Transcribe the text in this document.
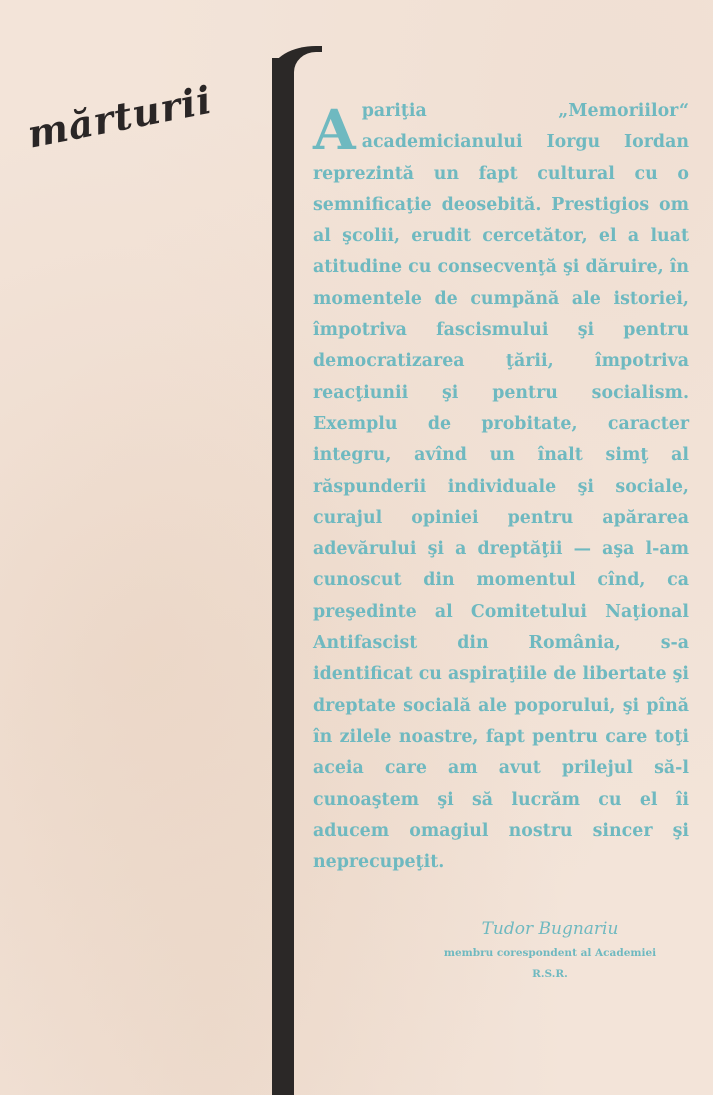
mărturii Apariţia „Memoriilor“ academicianului Iorgu Iordan reprezintă un fapt cultural cu o semnificaţie deosebită. Prestigios om al şcolii, erudit cercetător, el a luat atitudine cu consecvenţă şi dăruire, în momentele de cumpănă ale istoriei, împotriva fascismului şi pentru democratizarea ţării, împotriva reacţiunii şi pentru socialism. Exemplu de probitate, caracter integru, avînd un înalt simţ al răspunderii individuale şi sociale, curajul opiniei pentru apărarea adevărului şi a dreptăţii — aşa l-am cunoscut din momentul cînd, ca preşedinte al Comitetului Naţional Antifascist din România, s-a identificat cu aspiraţiile de libertate şi dreptate socială ale poporului, şi pînă în zilele noastre, fapt pentru care toţi aceia care am avut prilejul să-l cunoaştem şi să lucrăm cu el îi aducem omagiul nostru sincer şi neprecupeţit.

Tudor Bugnariu
membru corespondent al Academiei
R.S.R.
